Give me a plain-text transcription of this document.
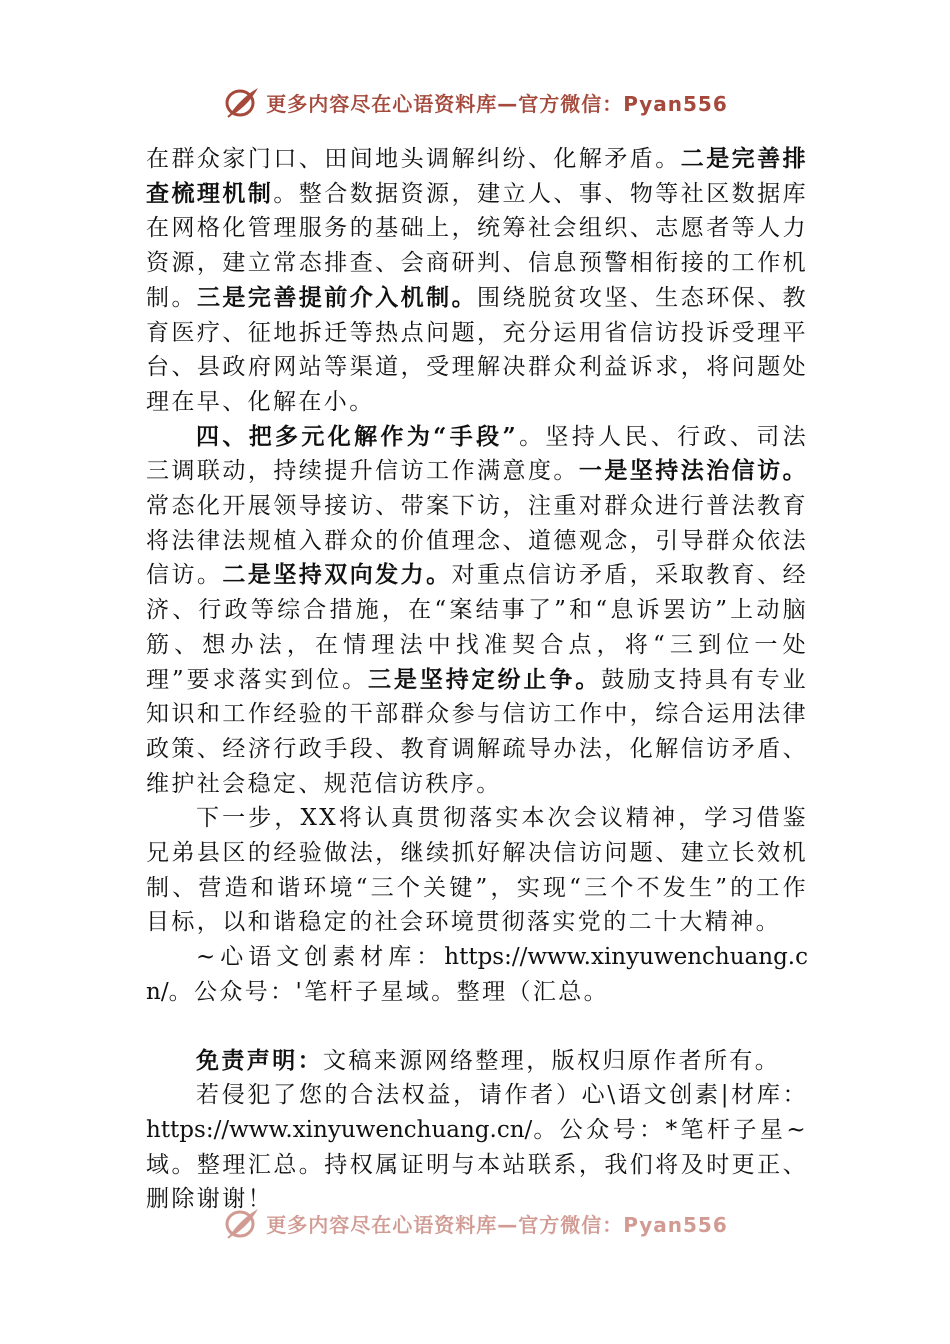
更多内容尽在心语资料库—官方微信：Pyan556

在群众家门口、田间地头调解纠纷、化解矛盾。二是完善排查梳理机制。整合数据资源，建立人、事、物等社区数据库在网格化管理服务的基础上，统筹社会组织、志愿者等人力资源，建立常态排查、会商研判、信息预警相衔接的工作机制。三是完善提前介入机制。围绕脱贫攻坚、生态环保、教育医疗、征地拆迁等热点问题，充分运用省信访投诉受理平台、县政府网站等渠道，受理解决群众利益诉求，将问题处理在早、化解在小。

四、把多元化解作为“手段”。坚持人民、行政、司法三调联动，持续提升信访工作满意度。一是坚持法治信访。常态化开展领导接访、带案下访，注重对群众进行普法教育将法律法规植入群众的价值理念、道德观念，引导群众依法信访。二是坚持双向发力。对重点信访矛盾，采取教育、经济、行政等综合措施，在“案结事了”和“息诉罢访”上动脑筋、想办法，在情理法中找准契合点，将“三到位一处理”要求落实到位。三是坚持定纷止争。鼓励支持具有专业知识和工作经验的干部群众参与信访工作中，综合运用法律政策、经济行政手段、教育调解疏导办法，化解信访矛盾、维护社会稳定、规范信访秩序。

下一步，XX将认真贯彻落实本次会议精神，学习借鉴兄弟县区的经验做法，继续抓好解决信访问题、建立长效机制、营造和谐环境“三个关键”，实现“三个不发生”的工作目标，以和谐稳定的社会环境贯彻落实党的二十大精神。

~心语文创素材库：https://www.xinyuwenchuang.cn/。公众号：'笔杆子星域。整理（汇总。

免责声明：文稿来源网络整理，版权归原作者所有。

若侵犯了您的合法权益，请作者）心\语文创素|材库：https://www.xinyuwenchuang.cn/。公众号：*笔杆子星~域。整理汇总。持权属证明与本站联系，我们将及时更正、删除谢谢！

更多内容尽在心语资料库—官方微信：Pyan556
